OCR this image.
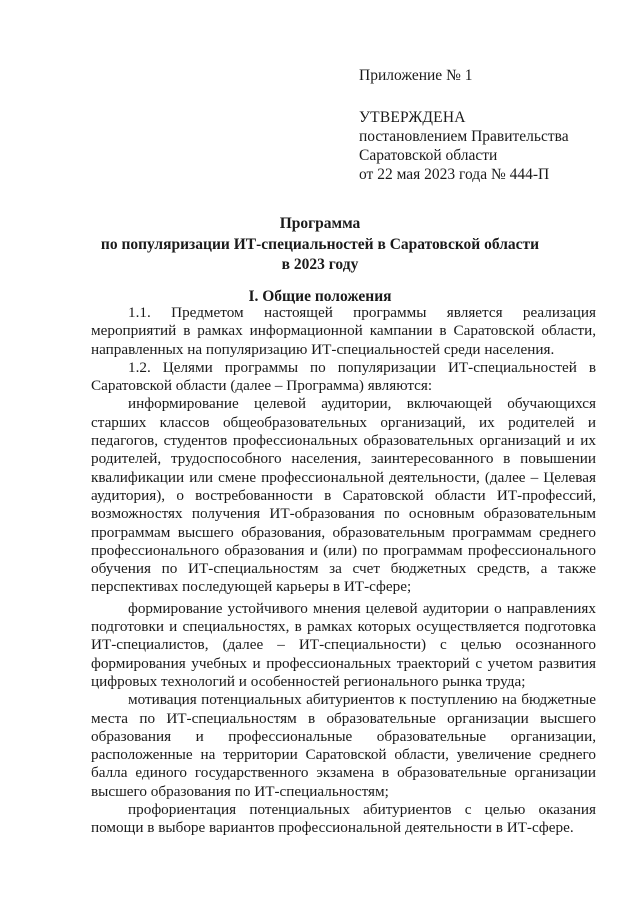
Приложение № 1
УТВЕРЖДЕНА
постановлением Правительства
Саратовской области
от 22 мая 2023 года № 444-П
Программа
по популяризации ИТ-специальностей в Саратовской области
в 2023 году
I. Общие положения

1.1. Предметом настоящей программы является реализация мероприятий в рамках информационной кампании в Саратовской области, направленных на популяризацию ИТ-специальностей среди населения.

1.2. Целями программы по популяризации ИТ-специальностей в Саратовской области (далее – Программа) являются:

информирование целевой аудитории, включающей обучающихся старших классов общеобразовательных организаций, их родителей и педагогов, студентов профессиональных образовательных организаций и их родителей, трудоспособного населения, заинтересованного в повышении квалификации или смене профессиональной деятельности, (далее – Целевая аудитория), о востребованности в Саратовской области ИТ-профессий, возможностях получения ИТ-образования по основным образовательным программам высшего образования, образовательным программам среднего профессионального образования и (или) по программам профессионального обучения по ИТ-специальностям за счет бюджетных средств, а также перспективах последующей карьеры в ИТ-сфере;

формирование устойчивого мнения целевой аудитории о направлениях подготовки и специальностях, в рамках которых осуществляется подготовка ИТ-специалистов, (далее – ИТ-специальности) с целью осознанного формирования учебных и профессиональных траекторий с учетом развития цифровых технологий и особенностей регионального рынка труда;

мотивация потенциальных абитуриентов к поступлению на бюджетные места по ИТ-специальностям в образовательные организации высшего образования и профессиональные образовательные организации, расположенные на территории Саратовской области, увеличение среднего балла единого государственного экзамена в образовательные организации высшего образования по ИТ-специальностям;

профориентация потенциальных абитуриентов с целью оказания помощи в выборе вариантов профессиональной деятельности в ИТ-сфере.
